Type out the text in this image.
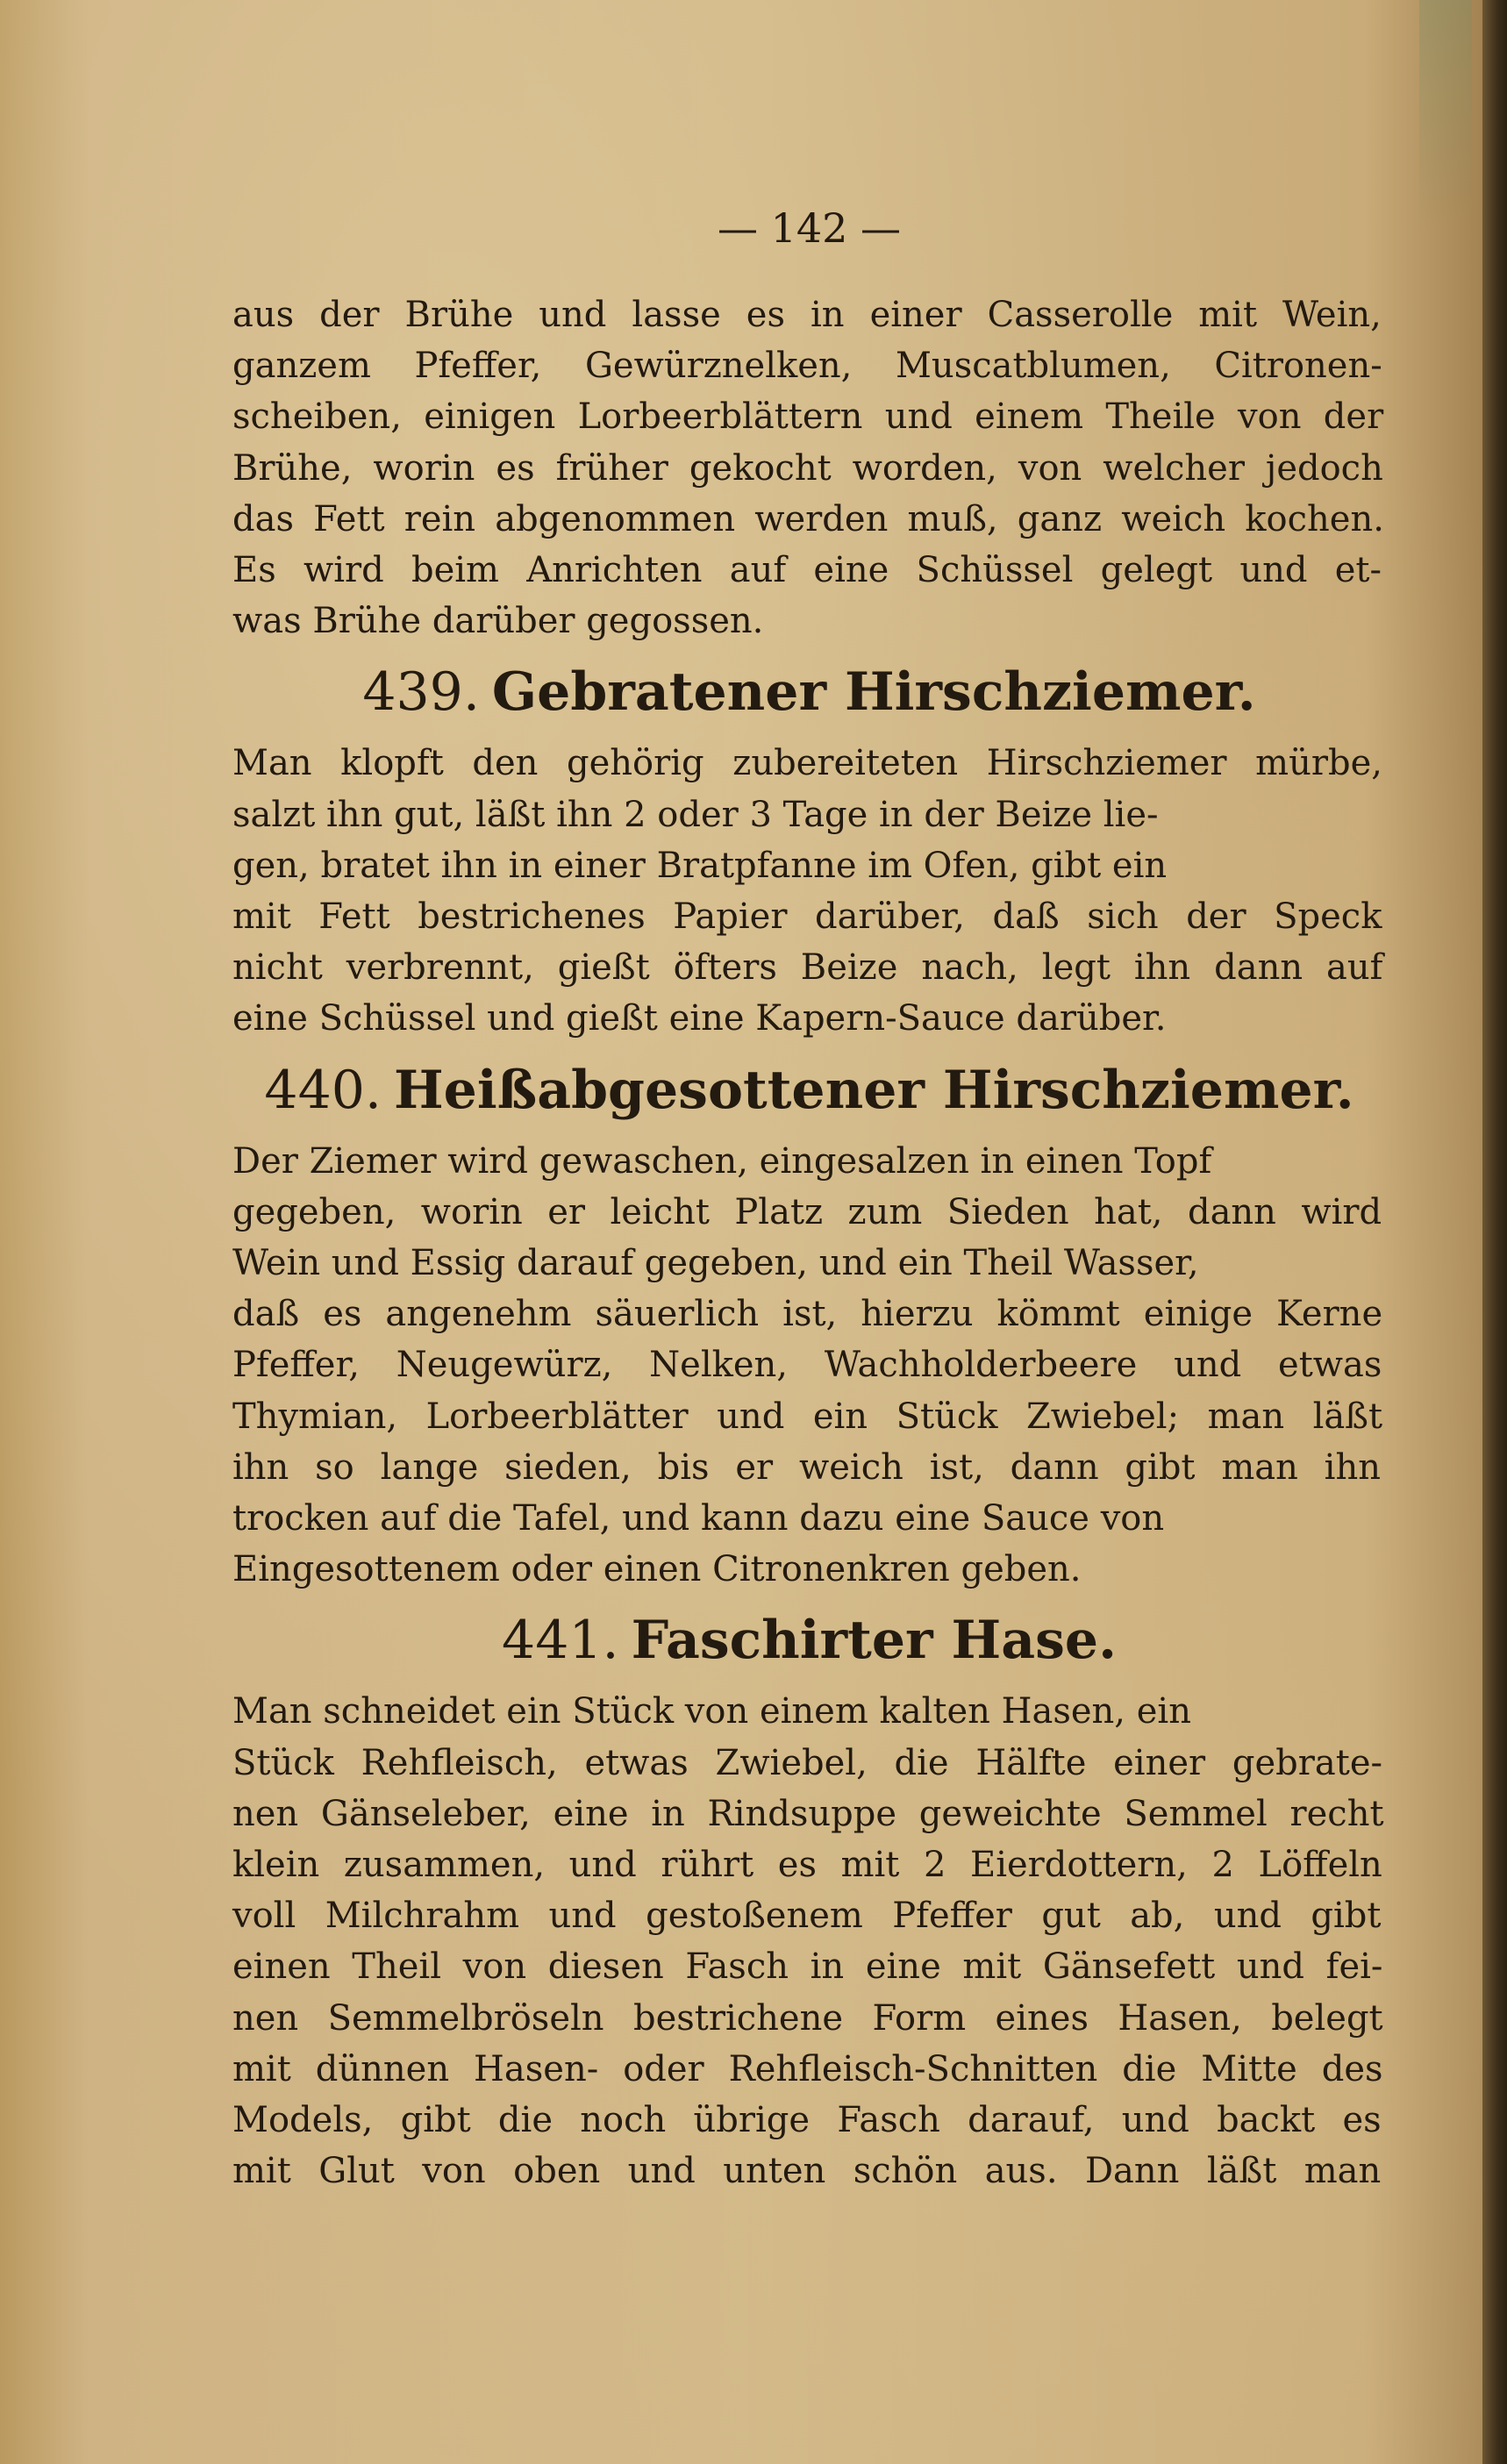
— 142 —

aus der Brühe und lasse es in einer Casserolle mit Wein,
ganzem Pfeffer, Gewürznelken, Muscatblumen, Citronen-
scheiben, einigen Lorbeerblättern und einem Theile von der
Brühe, worin es früher gekocht worden, von welcher jedoch
das Fett rein abgenommen werden muß, ganz weich kochen.
Es wird beim Anrichten auf eine Schüssel gelegt und et-
was Brühe darüber gegossen.

439. Gebratener Hirschziemer.

Man klopft den gehörig zubereiteten Hirschziemer mürbe,
salzt ihn gut, läßt ihn 2 oder 3 Tage in der Beize lie-
gen, bratet ihn in einer Bratpfanne im Ofen, gibt ein
mit Fett bestrichenes Papier darüber, daß sich der Speck
nicht verbrennt, gießt öfters Beize nach, legt ihn dann auf
eine Schüssel und gießt eine Kapern-Sauce darüber.

440. Heißabgesottener Hirschziemer.

Der Ziemer wird gewaschen, eingesalzen in einen Topf
gegeben, worin er leicht Platz zum Sieden hat, dann wird
Wein und Essig darauf gegeben, und ein Theil Wasser,
daß es angenehm säuerlich ist, hierzu kömmt einige Kerne
Pfeffer, Neugewürz, Nelken, Wachholderbeere und etwas
Thymian, Lorbeerblätter und ein Stück Zwiebel; man läßt
ihn so lange sieden, bis er weich ist, dann gibt man ihn
trocken auf die Tafel, und kann dazu eine Sauce von
Eingesottenem oder einen Citronenkren geben.

441. Faschirter Hase.

Man schneidet ein Stück von einem kalten Hasen, ein
Stück Rehfleisch, etwas Zwiebel, die Hälfte einer gebrate-
nen Gänseleber, eine in Rindsuppe geweichte Semmel recht
klein zusammen, und rührt es mit 2 Eierdottern, 2 Löffeln
voll Milchrahm und gestoßenem Pfeffer gut ab, und gibt
einen Theil von diesen Fasch in eine mit Gänsefett und fei-
nen Semmelbröseln bestrichene Form eines Hasen, belegt
mit dünnen Hasen- oder Rehfleisch-Schnitten die Mitte des
Models, gibt die noch übrige Fasch darauf, und backt es
mit Glut von oben und unten schön aus. Dann läßt man
